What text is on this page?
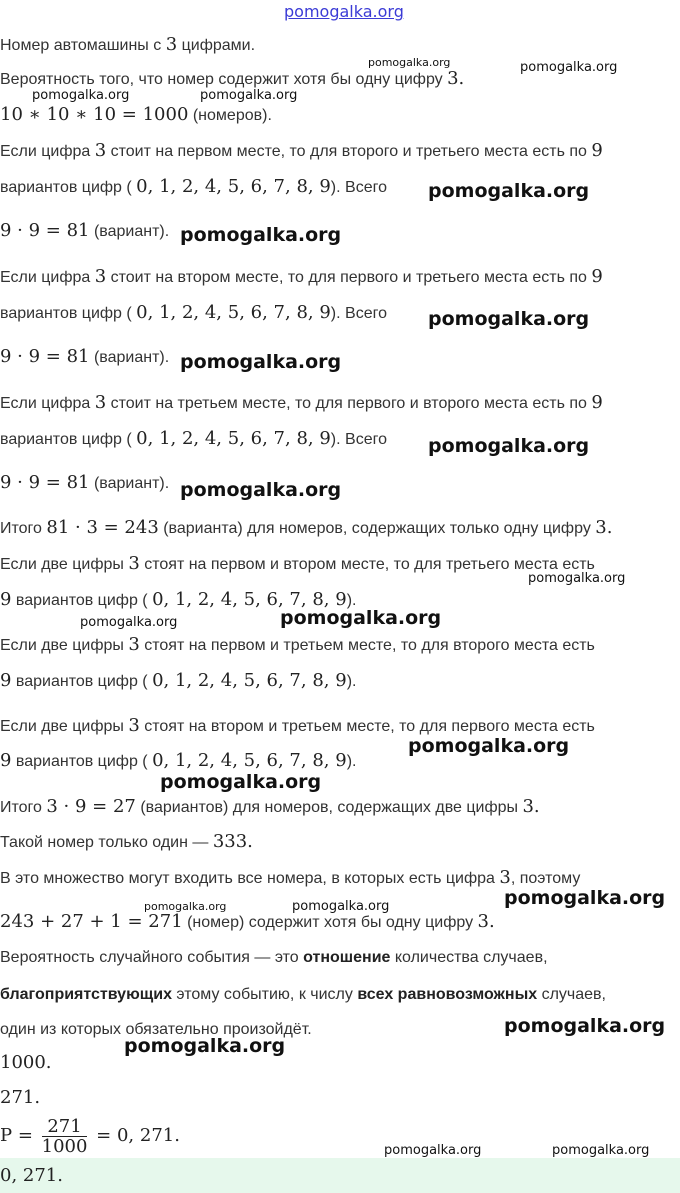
pomogalka.org
Номер автомашины с 3 цифрами.
Вероятность того, что номер содержит хотя бы одну цифру 3.
10 ∗ 10 ∗ 10 = 1000 (номеров).
Если цифра 3 стоит на первом месте, то для второго и третьего места есть по 9
вариантов цифр ( 0, 1, 2, 4, 5, 6, 7, 8, 9). Всего
9 · 9 = 81 (вариант).
Если цифра 3 стоит на втором месте, то для первого и третьего места есть по 9
вариантов цифр ( 0, 1, 2, 4, 5, 6, 7, 8, 9). Всего
9 · 9 = 81 (вариант).
Если цифра 3 стоит на третьем месте, то для первого и второго места есть по 9
вариантов цифр ( 0, 1, 2, 4, 5, 6, 7, 8, 9). Всего
9 · 9 = 81 (вариант).
Итого 81 · 3 = 243 (варианта) для номеров, содержащих только одну цифру 3.
Если две цифры 3 стоят на первом и втором месте, то для третьего места есть
9 вариантов цифр ( 0, 1, 2, 4, 5, 6, 7, 8, 9).
Если две цифры 3 стоят на первом и третьем месте, то для второго места есть
9 вариантов цифр ( 0, 1, 2, 4, 5, 6, 7, 8, 9).
Если две цифры 3 стоят на втором и третьем месте, то для первого места есть
9 вариантов цифр ( 0, 1, 2, 4, 5, 6, 7, 8, 9).
Итого 3 · 9 = 27 (вариантов) для номеров, содержащих две цифры 3.
Такой номер только один — 333.
В это множество могут входить все номера, в которых есть цифра 3, поэтому
243 + 27 + 1 = 271 (номер) содержит хотя бы одну цифру 3.
Вероятность случайного события — это отношение количества случаев,
благоприятствующих этому событию, к числу всех равновозможных случаев,
один из которых обязательно произойдёт.
1000.
271.
$P = \frac{271}{1000} = 0$, 271.
0, 271.
pomogalka.org	pomogalka.org
pomogalka.org	pomogalka.org
pomogalka.org
pomogalka.org
pomogalka.org
pomogalka.org
pomogalka.org
pomogalka.org
pomogalka.org
pomogalka.org
pomogalka.org
pomogalka.org
pomogalka.org
pomogalka.org
pomogalka.org	pomogalka.org
pomogalka.org
pomogalka.org
pomogalka.org	pomogalka.org
